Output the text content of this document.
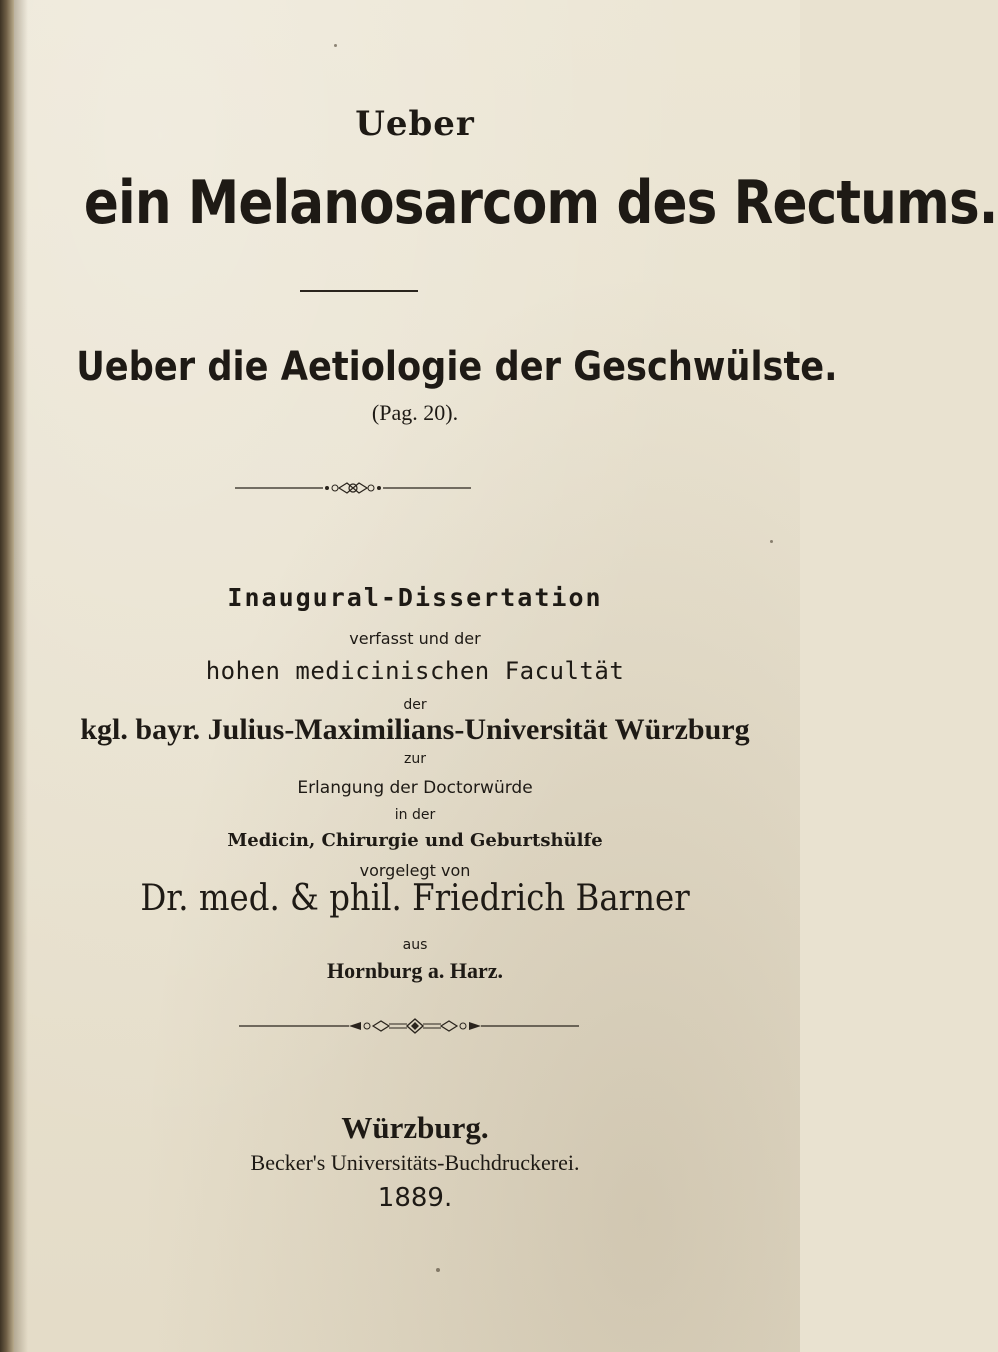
Ueber
ein Melanosarcom des Rectums.
Ueber die Aetiologie der Geschwülste.
(Pag. 20).
Inaugural-Dissertation
verfasst und der
hohen medicinischen Facultät
der
kgl. bayr. Julius-Maximilians-Universität Würzburg
zur
Erlangung der Doctorwürde
in der
Medicin, Chirurgie und Geburtshülfe
vorgelegt von
Dr. med. & phil. Friedrich Barner
aus
Hornburg a. Harz.
Würzburg.
Becker's Universitäts-Buchdruckerei.
1889.
